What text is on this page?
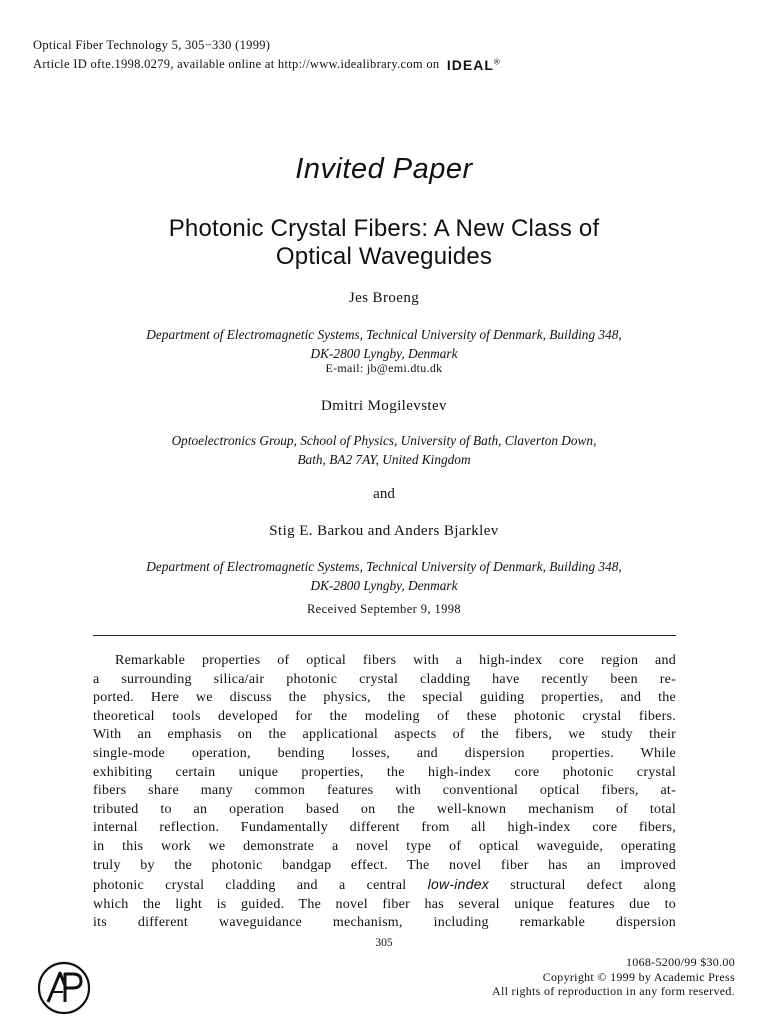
Optical Fiber Technology 5, 305−330 (1999)
Article ID ofte.1998.0279, available online at http://www.idealibrary.com on IDEAL®
Invited Paper
Photonic Crystal Fibers: A New Class of
Optical Waveguides
Jes Broeng
Department of Electromagnetic Systems, Technical University of Denmark, Building 348,
DK-2800 Lyngby, Denmark
E-mail: jb@emi.dtu.dk
Dmitri Mogilevstev
Optoelectronics Group, School of Physics, University of Bath, Claverton Down,
Bath, BA2 7AY, United Kingdom
and
Stig E. Barkou and Anders Bjarklev
Department of Electromagnetic Systems, Technical University of Denmark, Building 348,
DK-2800 Lyngby, Denmark
Received September 9, 1998
Remarkable properties of optical fibers with a high-index core region and
a surrounding silica/air photonic crystal cladding have recently been re-
ported. Here we discuss the physics, the special guiding properties, and the
theoretical tools developed for the modeling of these photonic crystal fibers.
With an emphasis on the applicational aspects of the fibers, we study their
single-mode operation, bending losses, and dispersion properties. While
exhibiting certain unique properties, the high-index core photonic crystal
fibers share many common features with conventional optical fibers, at-
tributed to an operation based on the well-known mechanism of total
internal reflection. Fundamentally different from all high-index core fibers,
in this work we demonstrate a novel type of optical waveguide, operating
truly by the photonic bandgap effect. The novel fiber has an improved
photonic crystal cladding and a central low-index structural defect along
which the light is guided. The novel fiber has several unique features due to
its different waveguidance mechanism, including remarkable dispersion
305
1068-5200/99 $30.00
Copyright © 1999 by Academic Press
All rights of reproduction in any form reserved.
